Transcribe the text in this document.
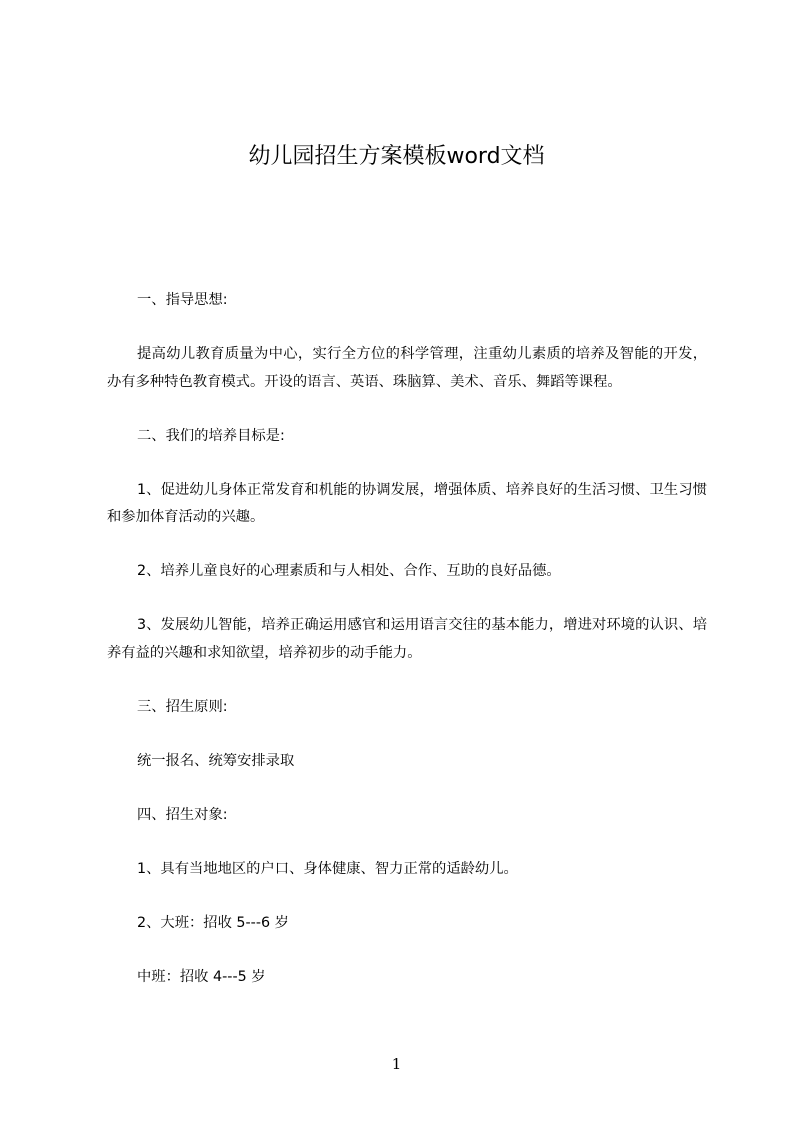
幼儿园招生方案模板word文档

一、指导思想:

提高幼儿教育质量为中心，实行全方位的科学管理，注重幼儿素质的培养及智能的开发，办有多种特色教育模式。开设的语言、英语、珠脑算、美术、音乐、舞蹈等课程。

二、我们的培养目标是:

1、促进幼儿身体正常发育和机能的协调发展，增强体质、培养良好的生活习惯、卫生习惯和参加体育活动的兴趣。

2、培养儿童良好的心理素质和与人相处、合作、互助的良好品德。

3、发展幼儿智能，培养正确运用感官和运用语言交往的基本能力，增进对环境的认识、培养有益的兴趣和求知欲望，培养初步的动手能力。

三、招生原则:

统一报名、统筹安排录取

四、招生对象:

1、具有当地地区的户口、身体健康、智力正常的适龄幼儿。

2、大班：招收 5---6 岁

中班：招收 4---5 岁

1
